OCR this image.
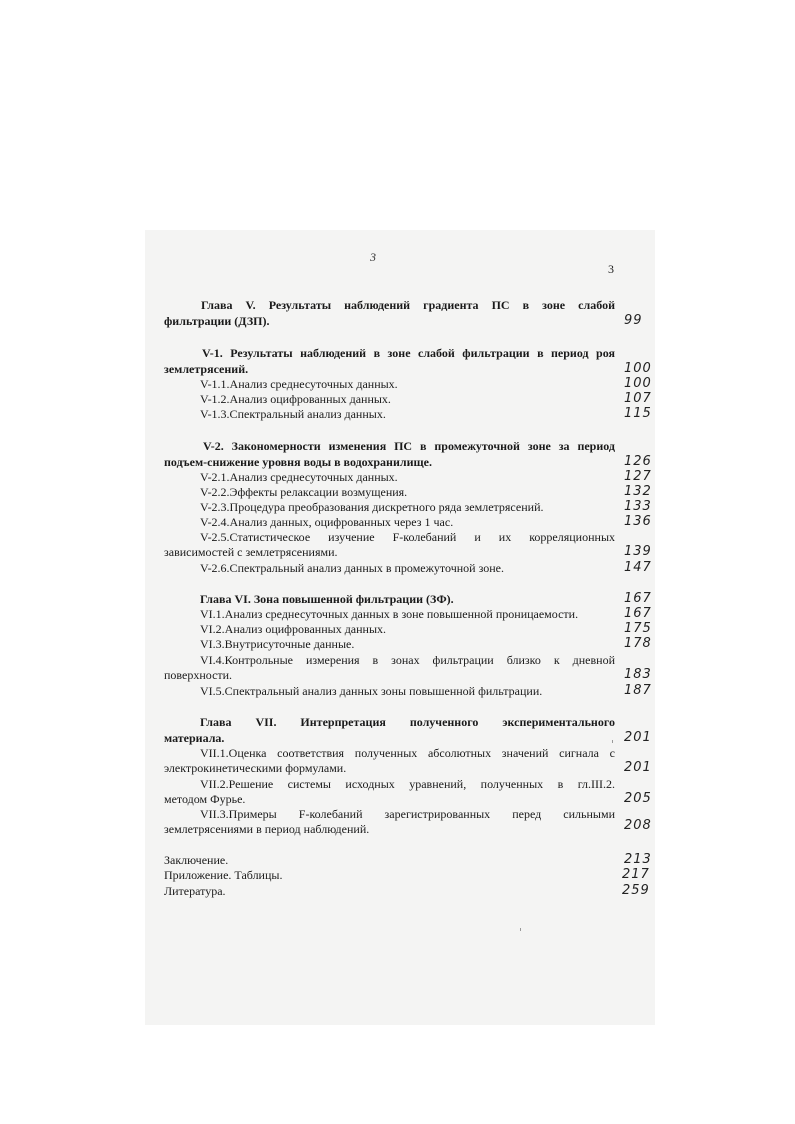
3
3
Глава V. Результаты наблюдений градиента ПС в зоне слабой
фильтрации (ДЗП).	99
V-1. Результаты наблюдений в зоне слабой фильтрации в период роя
землетрясений.	100
V-1.1.Анализ среднесуточных данных.	100
V-1.2.Анализ оцифрованных данных.	107
V-1.3.Спектральный анализ данных.	115
V-2. Закономерности изменения ПС в промежуточной зоне за период
подъем-снижение уровня воды в водохранилище.	126
V-2.1.Анализ среднесуточных данных.	127
V-2.2.Эффекты релаксации возмущения.	132
V-2.3.Процедура преобразования дискретного ряда землетрясений.	133
V-2.4.Анализ данных, оцифрованных через 1 час.	136
V-2.5.Статистическое изучение F-колебаний и их корреляционных
зависимостей с землетрясениями.	139
V-2.6.Спектральный анализ данных в промежуточной зоне.	147
Глава VI. Зона повышенной фильтрации (ЗФ).	167
VI.1.Анализ среднесуточных данных в зоне повышенной проницаемости.	167
VI.2.Анализ оцифрованных данных.	175
VI.3.Внутрисуточные данные.	178
VI.4.Контрольные измерения в зонах фильтрации близко к дневной
поверхности.	183
VI.5.Спектральный анализ данных зоны повышенной фильтрации.	187
Глава VII. Интерпретация полученного экспериментального
материала.	201
VII.1.Оценка соответствия полученных абсолютных значений сигнала с
электрокинетическими формулами.	201
VII.2.Решение системы исходных уравнений, полученных в гл.III.2.
методом Фурье.	205
VII.3.Примеры F-колебаний зарегистрированных перед сильными
землетрясениями в период наблюдений.	208
Заключение.	213
Приложение. Таблицы.	217
Литература.	259
